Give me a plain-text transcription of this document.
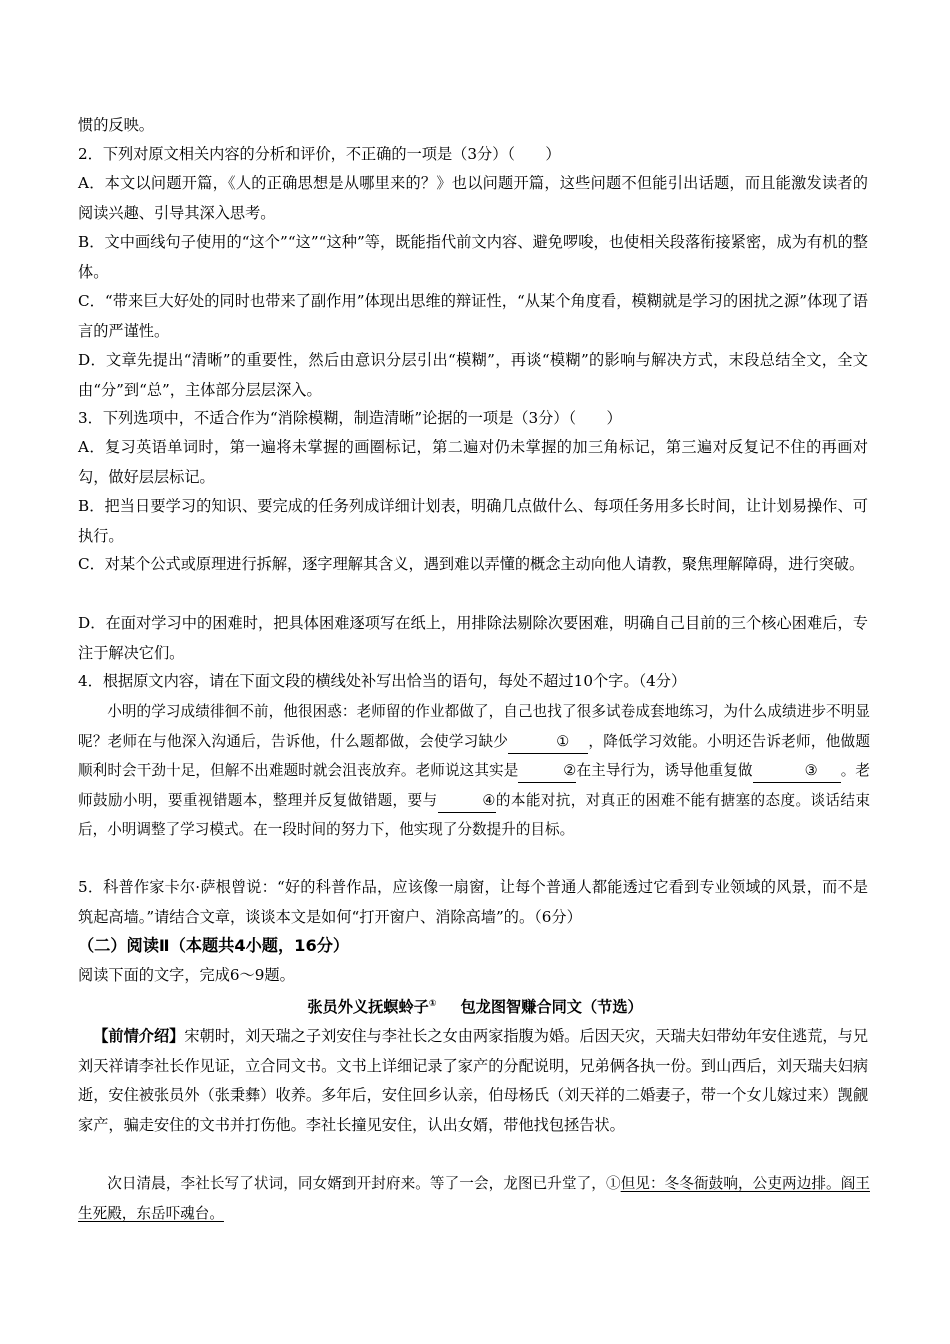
惯的反映。

2．下列对原文相关内容的分析和评价，不正确的一项是（3分）（　　）

A．本文以问题开篇，《人的正确思想是从哪里来的？》也以问题开篇，这些问题不但能引出话题，而且能激发读者的阅读兴趣、引导其深入思考。

B．文中画线句子使用的“这个”“这”“这种”等，既能指代前文内容、避免啰唆，也使相关段落衔接紧密，成为有机的整体。

C．“带来巨大好处的同时也带来了副作用”体现出思维的辩证性，“从某个角度看，模糊就是学习的困扰之源”体现了语言的严谨性。

D．文章先提出“清晰”的重要性，然后由意识分层引出“模糊”，再谈“模糊”的影响与解决方式，末段总结全文，全文由“分”到“总”，主体部分层层深入。

3．下列选项中，不适合作为“消除模糊，制造清晰”论据的一项是（3分）（　　）

A．复习英语单词时，第一遍将未掌握的画圈标记，第二遍对仍未掌握的加三角标记，第三遍对反复记不住的再画对勾，做好层层标记。

B．把当日要学习的知识、要完成的任务列成详细计划表，明确几点做什么、每项任务用多长时间，让计划易操作、可执行。

C．对某个公式或原理进行拆解，逐字理解其含义，遇到难以弄懂的概念主动向他人请教，聚焦理解障碍，进行突破。

D．在面对学习中的困难时，把具体困难逐项写在纸上，用排除法剔除次要困难，明确自己目前的三个核心困难后，专注于解决它们。

4．根据原文内容，请在下面文段的横线处补写出恰当的语句，每处不超过10个字。（4分）

小明的学习成绩徘徊不前，他很困惑：老师留的作业都做了，自己也找了很多试卷成套地练习，为什么成绩进步不明显呢？老师在与他深入沟通后，告诉他，什么题都做，会使学习缺少	① ，降低学习效能。小明还告诉老师，他做题顺利时会干劲十足，但解不出难题时就会沮丧放弃。老师说这其实是	②在主导行为，诱导他重复做	③ 。老师鼓励小明，要重视错题本，整理并反复做错题，要与	④的本能对抗，对真正的困难不能有搪塞的态度。谈话结束后，小明调整了学习模式。在一段时间的努力下，他实现了分数提升的目标。

5．科普作家卡尔·萨根曾说：“好的科普作品，应该像一扇窗，让每个普通人都能透过它看到专业领域的风景，而不是筑起高墙。”请结合文章，谈谈本文是如何“打开窗户、消除高墙”的。（6分）

（二）阅读Ⅱ（本题共4小题，16分）

阅读下面的文字，完成6～9题。

张员外义抚螟蛉子① 包龙图智赚合同文（节选）

【前情介绍】宋朝时，刘天瑞之子刘安住与李社长之女由两家指腹为婚。后因天灾，天瑞夫妇带幼年安住逃荒，与兄刘天祥请李社长作见证，立合同文书。文书上详细记录了家产的分配说明，兄弟俩各执一份。到山西后，刘天瑞夫妇病逝，安住被张员外（张秉彝）收养。多年后，安住回乡认亲，伯母杨氏（刘天祥的二婚妻子，带一个女儿嫁过来）觊觎家产，骗走安住的文书并打伤他。李社长撞见安住，认出女婿，带他找包拯告状。

次日清晨，李社长写了状词，同女婿到开封府来。等了一会，龙图已升堂了，①但见：冬冬衙鼓响，公吏两边排。阎王生死殿，东岳吓魂台。
